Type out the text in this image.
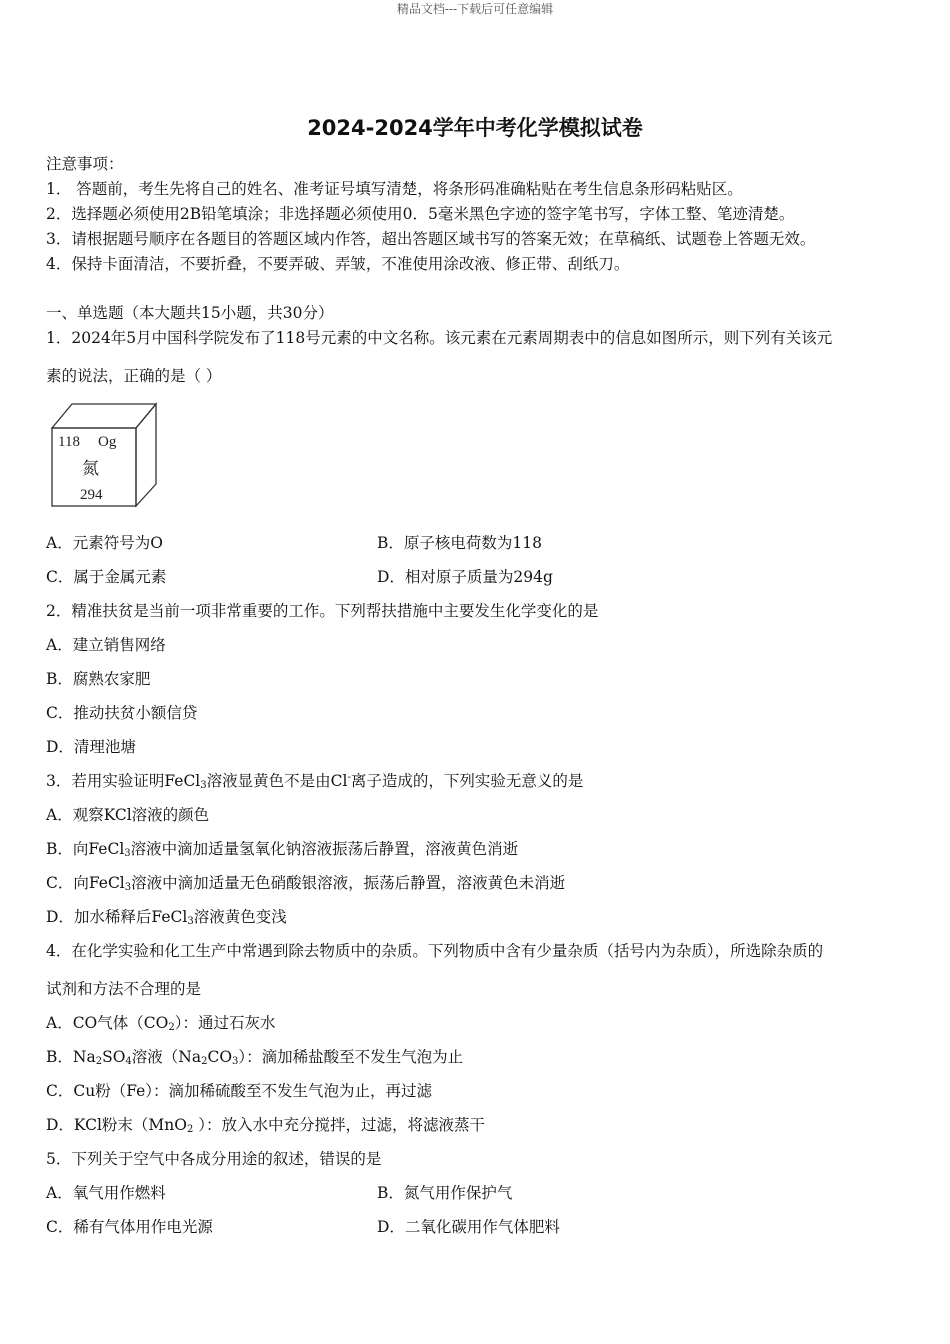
精品文档---下载后可任意编辑
2024-2024学年中考化学模拟试卷
注意事项：
1． 答题前，考生先将自己的姓名、准考证号填写清楚，将条形码准确粘贴在考生信息条形码粘贴区。
2．选择题必须使用2B铅笔填涂；非选择题必须使用0．5毫米黑色字迹的签字笔书写，字体工整、笔迹清楚。
3．请根据题号顺序在各题目的答题区域内作答，超出答题区域书写的答案无效；在草稿纸、试题卷上答题无效。
4．保持卡面清洁，不要折叠，不要弄破、弄皱，不准使用涂改液、修正带、刮纸刀。
一、单选题（本大题共15小题，共30分）
1．2024年5月中国科学院发布了118号元素的中文名称。该元素在元素周期表中的信息如图所示，则下列有关该元
素的说法，正确的是（ ）
118 Og
氮
294
A．元素符号为O	B．原子核电荷数为118
C．属于金属元素	D．相对原子质量为294g
2．精准扶贫是当前一项非常重要的工作。下列帮扶措施中主要发生化学变化的是
A．建立销售网络
B．腐熟农家肥
C．推动扶贫小额信贷
D．清理池塘
3．若用实验证明FeCl$_3$溶液显黄色不是由Cl-离子造成的，下列实验无意义的是
A．观察KCl溶液的颜色
B．向FeCl$_3$溶液中滴加适量氢氧化钠溶液振荡后静置，溶液黄色消逝
C．向FeCl$_3$溶液中滴加适量无色硝酸银溶液，振荡后静置，溶液黄色未消逝
D．加水稀释后FeCl$_3$溶液黄色变浅
4．在化学实验和化工生产中常遇到除去物质中的杂质。下列物质中含有少量杂质（括号内为杂质），所选除杂质的
试剂和方法不合理的是
A．CO气体$(CO_2)$：通过石灰水
B．$Na_2SO_4$溶液$(Na_2CO_3)$：滴加稀盐酸至不发生气泡为止
C．Cu粉（Fe）：滴加稀硫酸至不发生气泡为止，再过滤
D．KCl粉末（MnO$_2$ ）：放入水中充分搅拌，过滤，将滤液蒸干
5．下列关于空气中各成分用途的叙述，错误的是
A．氧气用作燃料	B．氮气用作保护气
C．稀有气体用作电光源	D．二氧化碳用作气体肥料
